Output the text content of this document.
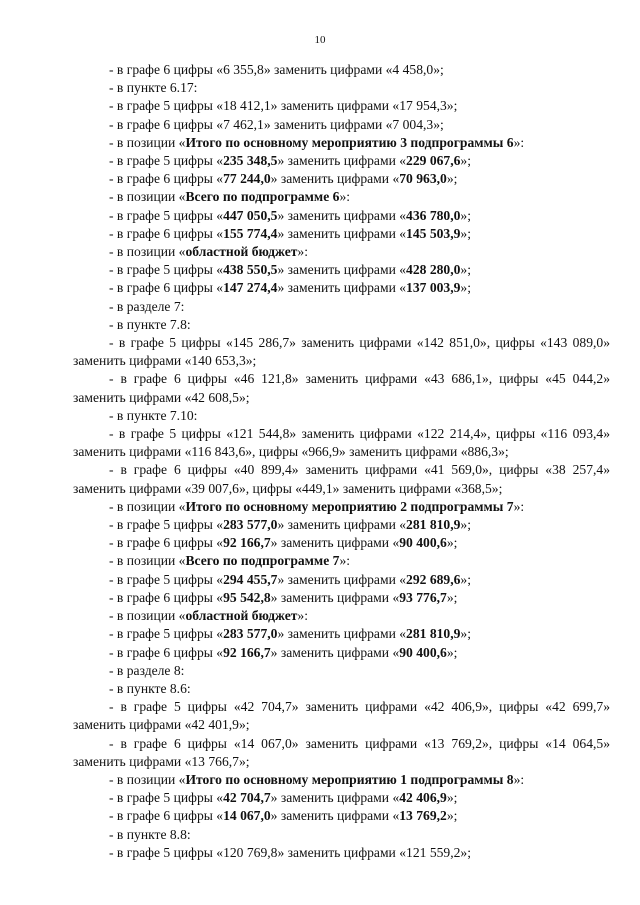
10
- в графе 6 цифры «6 355,8» заменить цифрами «4 458,0»;
- в пункте 6.17:
- в графе 5 цифры «18 412,1» заменить цифрами «17 954,3»;
- в графе 6 цифры «7 462,1» заменить цифрами «7 004,3»;
- в позиции «Итого по основному мероприятию 3 подпрограммы 6»:
- в графе 5 цифры «235 348,5» заменить цифрами «229 067,6»;
- в графе 6 цифры «77 244,0» заменить цифрами «70 963,0»;
- в позиции «Всего по подпрограмме 6»:
- в графе 5 цифры «447 050,5» заменить цифрами «436 780,0»;
- в графе 6 цифры «155 774,4» заменить цифрами «145 503,9»;
- в позиции «областной бюджет»:
- в графе 5 цифры «438 550,5» заменить цифрами «428 280,0»;
- в графе 6 цифры «147 274,4» заменить цифрами «137 003,9»;
- в разделе 7:
- в пункте 7.8:
- в графе 5 цифры «145 286,7» заменить цифрами «142 851,0», цифры «143 089,0» заменить цифрами «140 653,3»;
- в графе 6 цифры «46 121,8» заменить цифрами «43 686,1», цифры «45 044,2» заменить цифрами «42 608,5»;
- в пункте 7.10:
- в графе 5 цифры «121 544,8» заменить цифрами «122 214,4», цифры «116 093,4» заменить цифрами «116 843,6», цифры «966,9» заменить цифрами «886,3»;
- в графе 6 цифры «40 899,4» заменить цифрами «41 569,0», цифры «38 257,4» заменить цифрами «39 007,6», цифры «449,1» заменить цифрами «368,5»;
- в позиции «Итого по основному мероприятию 2 подпрограммы 7»:
- в графе 5 цифры «283 577,0» заменить цифрами «281 810,9»;
- в графе 6 цифры «92 166,7» заменить цифрами «90 400,6»;
- в позиции «Всего по подпрограмме 7»:
- в графе 5 цифры «294 455,7» заменить цифрами «292 689,6»;
- в графе 6 цифры «95 542,8» заменить цифрами «93 776,7»;
- в позиции «областной бюджет»:
- в графе 5 цифры «283 577,0» заменить цифрами «281 810,9»;
- в графе 6 цифры «92 166,7» заменить цифрами «90 400,6»;
- в разделе 8:
- в пункте 8.6:
- в графе 5 цифры «42 704,7» заменить цифрами «42 406,9», цифры «42 699,7» заменить цифрами «42 401,9»;
- в графе 6 цифры «14 067,0» заменить цифрами «13 769,2», цифры «14 064,5» заменить цифрами «13 766,7»;
- в позиции «Итого по основному мероприятию 1 подпрограммы 8»:
- в графе 5 цифры «42 704,7» заменить цифрами «42 406,9»;
- в графе 6 цифры «14 067,0» заменить цифрами «13 769,2»;
- в пункте 8.8:
- в графе 5 цифры «120 769,8» заменить цифрами «121 559,2»;
